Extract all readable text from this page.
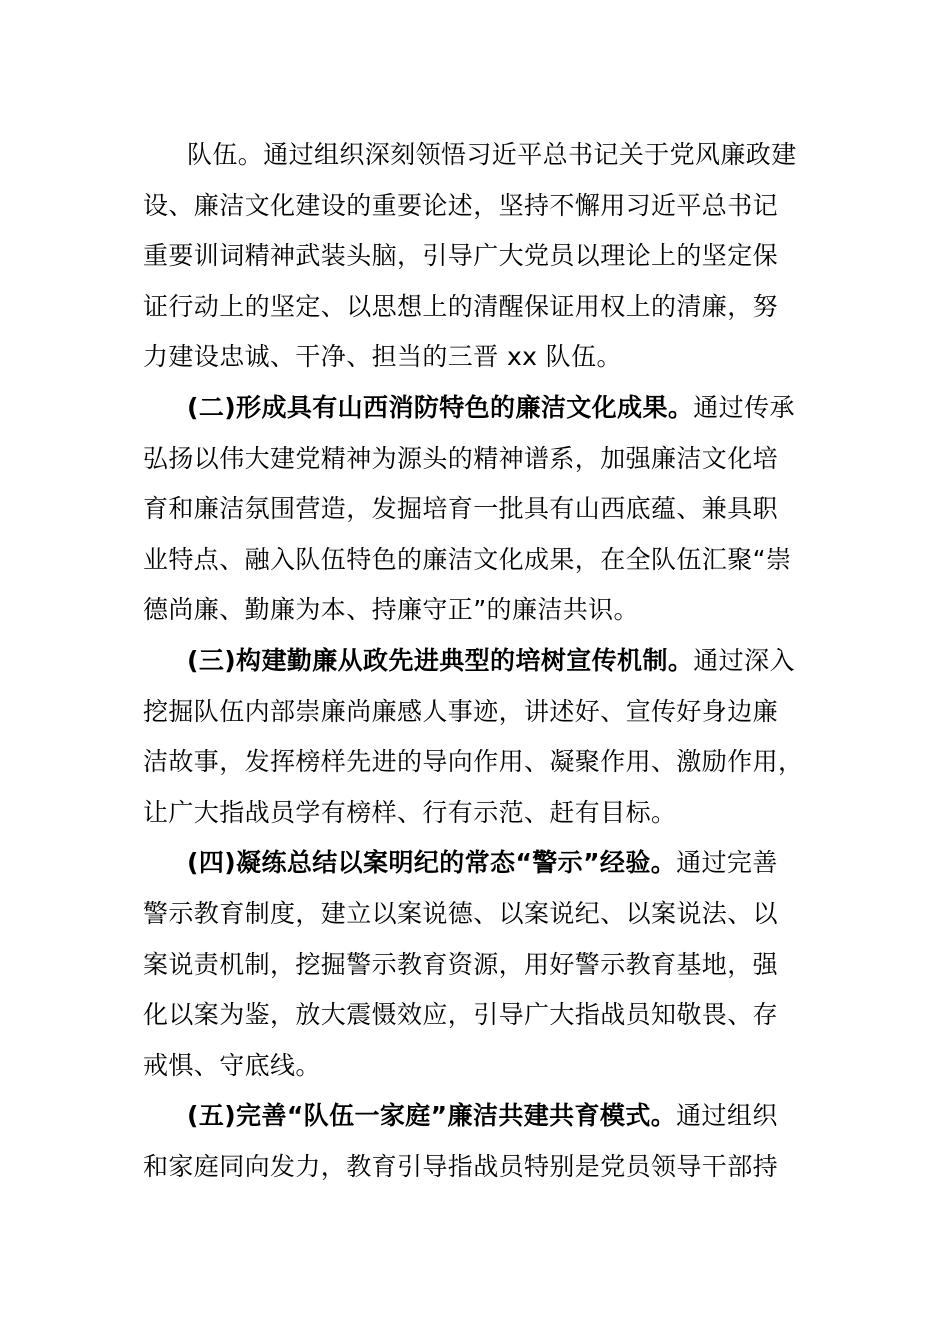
队伍。通过组织深刻领悟习近平总书记关于党风廉政建
设、廉洁文化建设的重要论述，坚持不懈用习近平总书记
重要训词精神武装头脑，引导广大党员以理论上的坚定保
证行动上的坚定、以思想上的清醒保证用权上的清廉，努
力建设忠诚、干净、担当的三晋 xx 队伍。

(二)形成具有山西消防特色的廉洁文化成果。通过传承
弘扬以伟大建党精神为源头的精神谱系，加强廉洁文化培
育和廉洁氛围营造，发掘培育一批具有山西底蕴、兼具职
业特点、融入队伍特色的廉洁文化成果，在全队伍汇聚“崇
德尚廉、勤廉为本、持廉守正”的廉洁共识。

(三)构建勤廉从政先进典型的培树宣传机制。通过深入
挖掘队伍内部崇廉尚廉感人事迹，讲述好、宣传好身边廉
洁故事，发挥榜样先进的导向作用、凝聚作用、激励作用，
让广大指战员学有榜样、行有示范、赶有目标。

(四)凝练总结以案明纪的常态“警示”经验。通过完善
警示教育制度，建立以案说德、以案说纪、以案说法、以
案说责机制，挖掘警示教育资源，用好警示教育基地，强
化以案为鉴，放大震慑效应，引导广大指战员知敬畏、存
戒惧、守底线。

(五)完善“队伍一家庭”廉洁共建共育模式。通过组织
和家庭同向发力，教育引导指战员特别是党员领导干部持
